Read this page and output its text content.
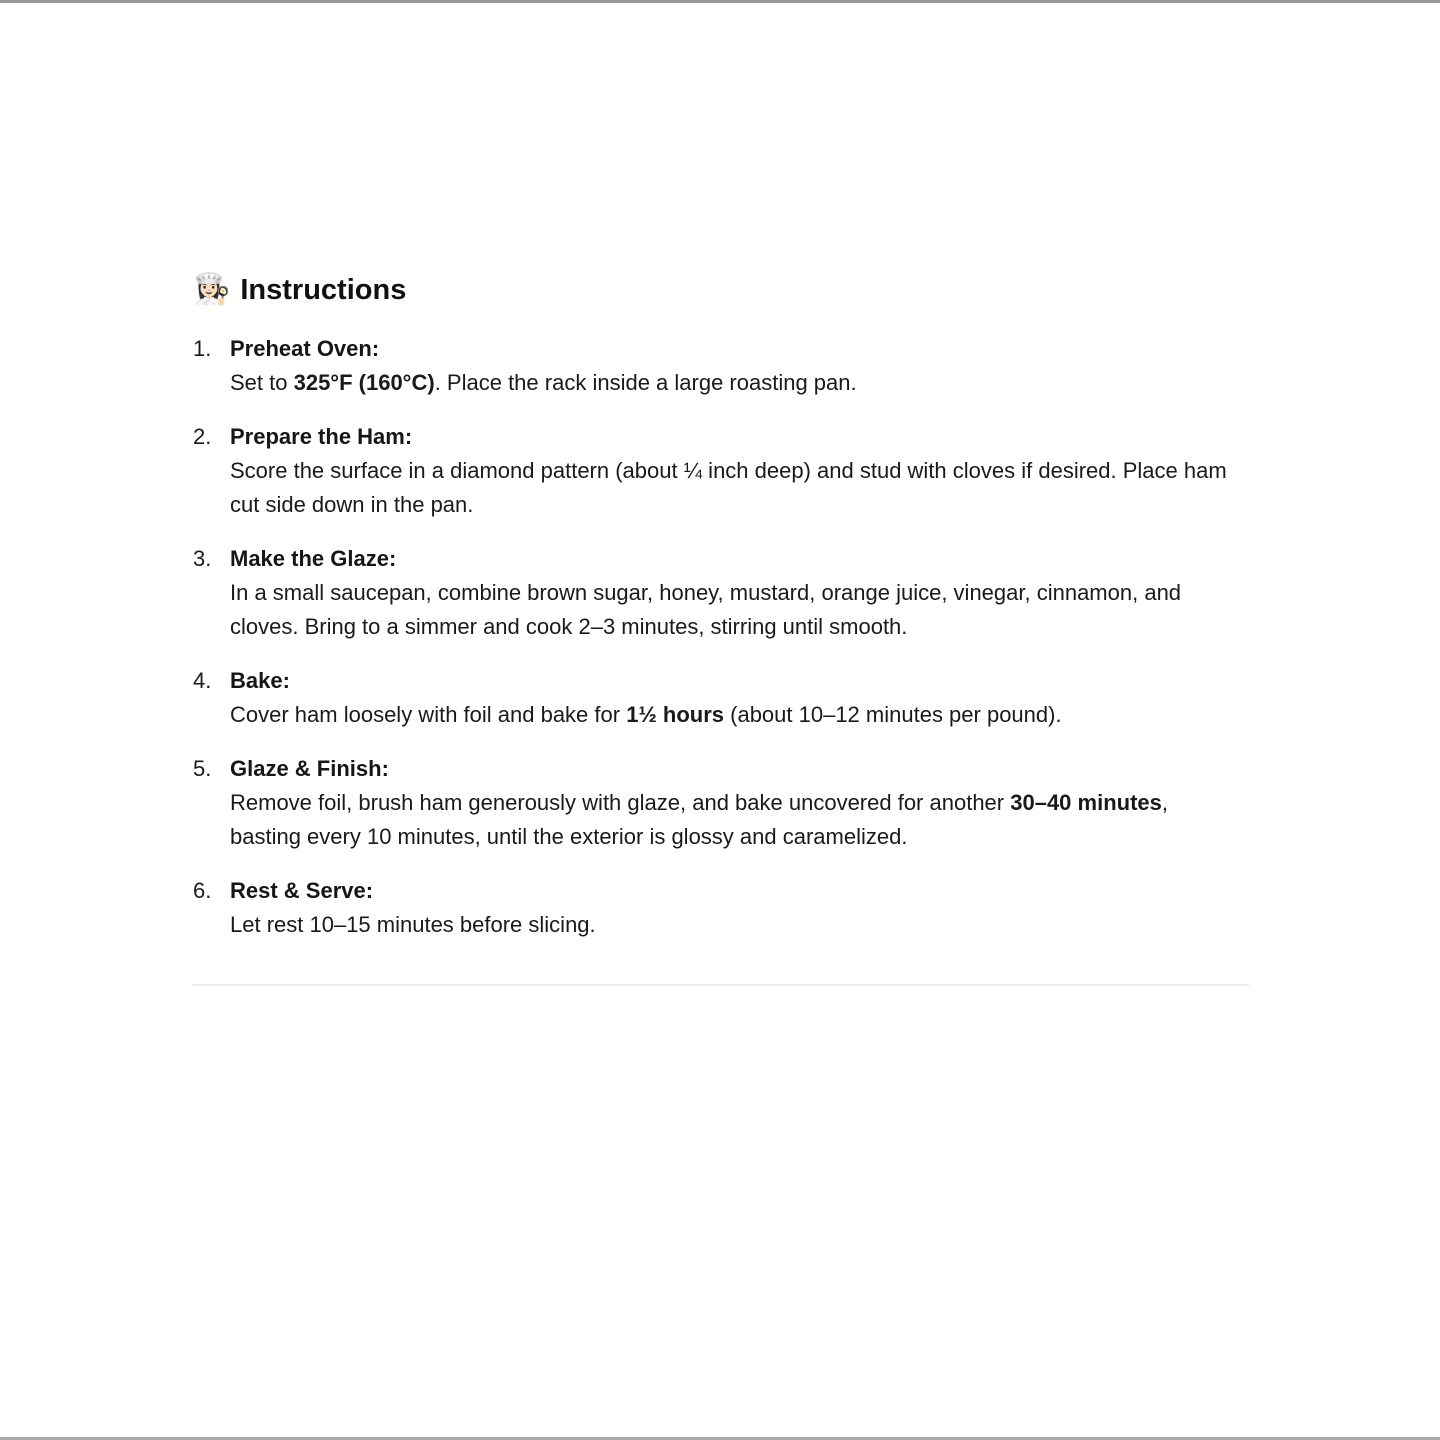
👩🏻‍🍳 Instructions
1. Preheat Oven:
Set to 325°F (160°C). Place the rack inside a large roasting pan.
2. Prepare the Ham:
Score the surface in a diamond pattern (about ¼ inch deep) and stud with cloves if desired. Place ham cut side down in the pan.
3. Make the Glaze:
In a small saucepan, combine brown sugar, honey, mustard, orange juice, vinegar, cinnamon, and cloves. Bring to a simmer and cook 2–3 minutes, stirring until smooth.
4. Bake:
Cover ham loosely with foil and bake for 1½ hours (about 10–12 minutes per pound).
5. Glaze & Finish:
Remove foil, brush ham generously with glaze, and bake uncovered for another 30–40 minutes, basting every 10 minutes, until the exterior is glossy and caramelized.
6. Rest & Serve:
Let rest 10–15 minutes before slicing.
